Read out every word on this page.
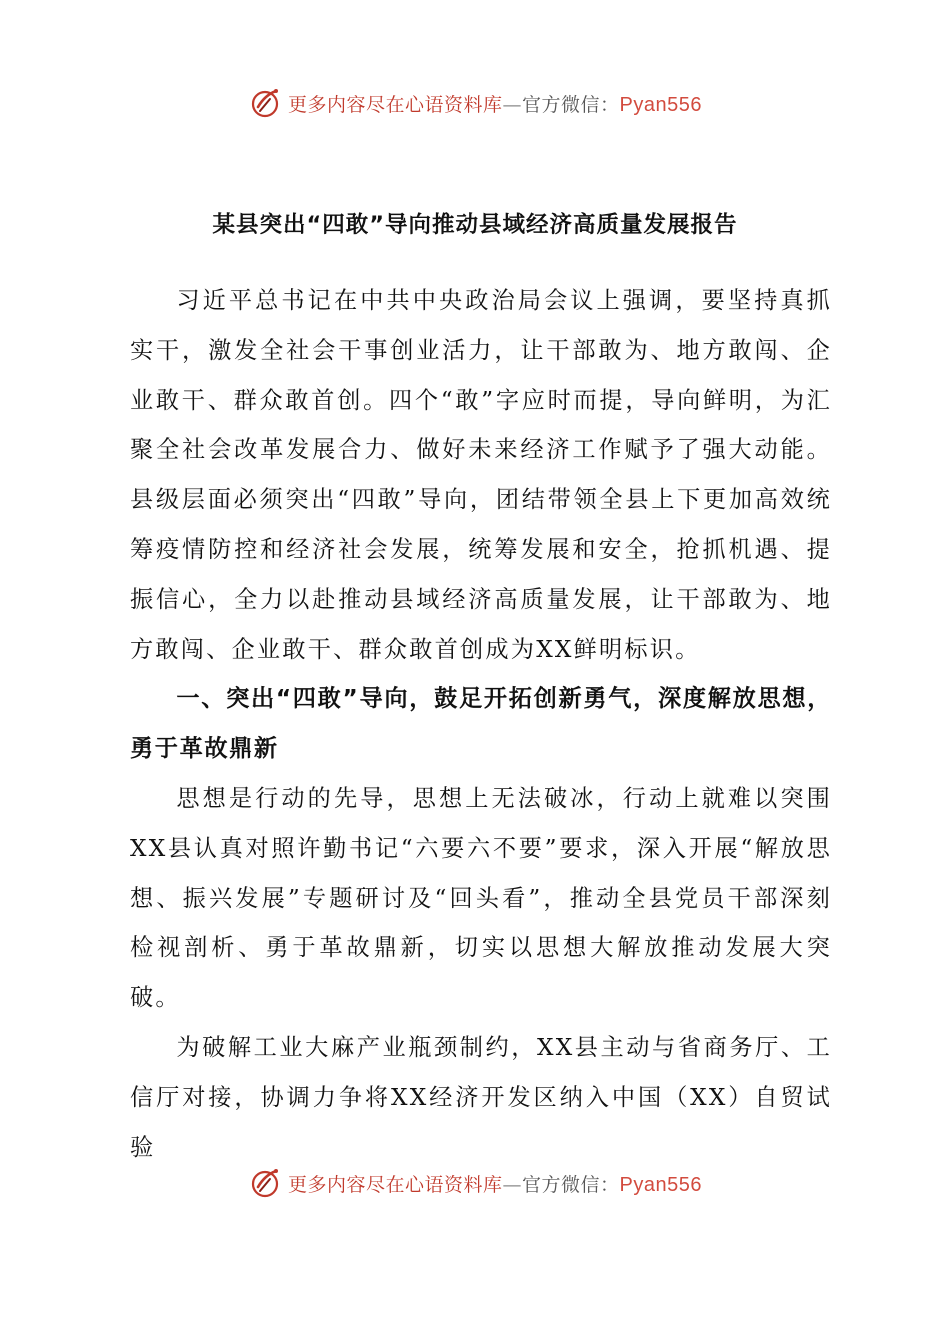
更多内容尽在心语资料库—官方微信：Pyan556
某县突出“四敢”导向推动县域经济高质量发展报告

习近平总书记在中共中央政治局会议上强调，要坚持真抓实干，激发全社会干事创业活力，让干部敢为、地方敢闯、企业敢干、群众敢首创。四个“敢”字应时而提，导向鲜明，为汇聚全社会改革发展合力、做好未来经济工作赋予了强大动能。县级层面必须突出“四敢”导向，团结带领全县上下更加高效统筹疫情防控和经济社会发展，统筹发展和安全，抢抓机遇、提振信心，全力以赴推动县域经济高质量发展，让干部敢为、地方敢闯、企业敢干、群众敢首创成为XX鲜明标识。

一、突出“四敢”导向，鼓足开拓创新勇气，深度解放思想，勇于革故鼎新

思想是行动的先导，思想上无法破冰，行动上就难以突围XX县认真对照许勤书记“六要六不要”要求，深入开展“解放思想、振兴发展”专题研讨及“回头看”，推动全县党员干部深刻检视剖析、勇于革故鼎新，切实以思想大解放推动发展大突破。

为破解工业大麻产业瓶颈制约，XX县主动与省商务厅、工信厅对接，协调力争将XX经济开发区纳入中国（XX）自贸试验

更多内容尽在心语资料库—官方微信：Pyan556
